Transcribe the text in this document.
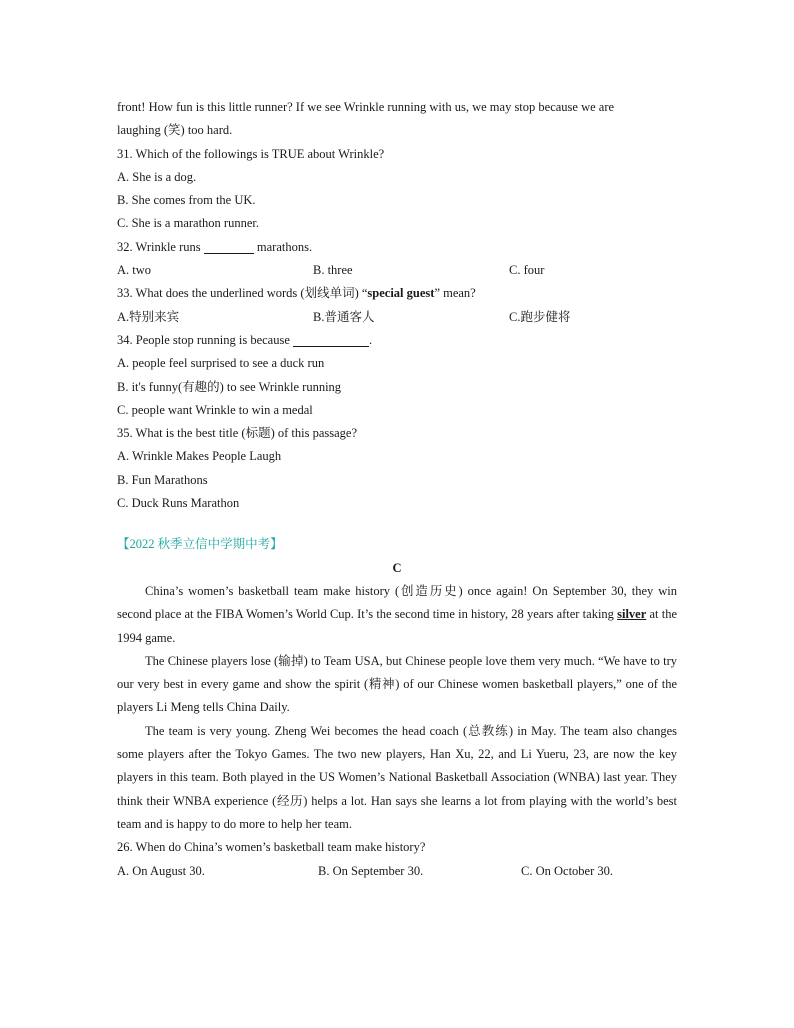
front! How fun is this little runner? If we see Wrinkle running with us, we may stop because we are
laughing (笑) too hard.
31. Which of the followings is TRUE about Wrinkle?
A. She is a dog.
B. She comes from the UK.
C. She is a marathon runner.
32. Wrinkle runs	marathons.
A. two	B. three	C. four
33. What does the underlined words (划线单词) “special guest” mean?
A.特别来宾	B.普通客人	C.跑步健将
34. People stop running is because	.
A. people feel surprised to see a duck run
B. it's funny(有趣的) to see Wrinkle running
C. people want Wrinkle to win a medal
35. What is the best title (标题) of this passage?
A. Wrinkle Makes People Laugh
B. Fun Marathons
C. Duck Runs Marathon
【2022 秋季立信中学期中考】
C
China’s women’s basketball team make history (创造历史) once again! On September 30, they win second place at the FIBA Women’s World Cup. It’s the second time in history, 28 years after taking silver at the 1994 game.
The Chinese players lose (输掉) to Team USA, but Chinese people love them very much. “We have to try our very best in every game and show the spirit (精神) of our Chinese women basketball players,” one of the players Li Meng tells China Daily.
The team is very young. Zheng Wei becomes the head coach (总教练) in May. The team also changes some players after the Tokyo Games. The two new players, Han Xu, 22, and Li Yueru, 23, are now the key players in this team. Both played in the US Women’s National Basketball Association (WNBA) last year. They think their WNBA experience (经历) helps a lot. Han says she learns a lot from playing with the world’s best team and is happy to do more to help her team.
26. When do China’s women’s basketball team make history?
A. On August 30.	B. On September 30.	C. On October 30.
